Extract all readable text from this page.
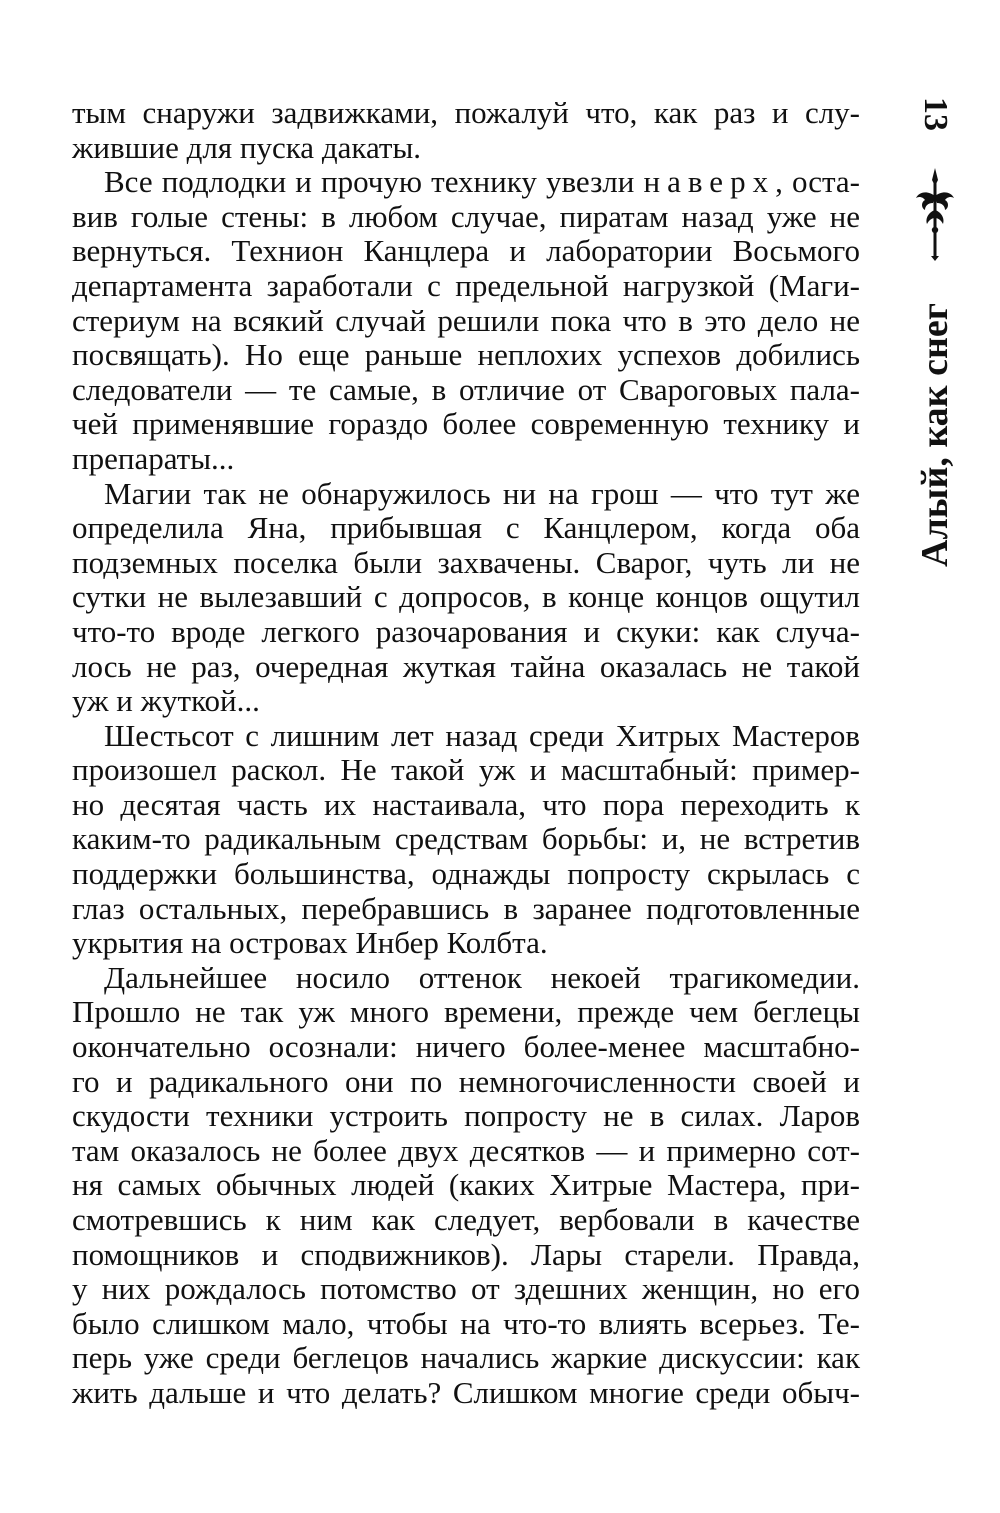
тым снаружи задвижками, пожалуй что, как раз и слу-
жившие для пуска дакаты.
Все подлодки и прочую технику увезли наверх, оста-
вив голые стены: в любом случае, пиратам назад уже не
вернуться. Технион Канцлера и лаборатории Восьмого
департамента заработали с предельной нагрузкой (Маги-
стериум на всякий случай решили пока что в это дело не
посвящать). Но еще раньше неплохих успехов добились
следователи — те самые, в отличие от Свароговых пала-
чей применявшие гораздо более современную технику и
препараты...
Магии так не обнаружилось ни на грош — что тут же
определила Яна, прибывшая с Канцлером, когда оба
подземных поселка были захвачены. Сварог, чуть ли не
сутки не вылезавший с допросов, в конце концов ощутил
что-то вроде легкого разочарования и скуки: как случа-
лось не раз, очередная жуткая тайна оказалась не такой
уж и жуткой...
Шестьсот с лишним лет назад среди Хитрых Мастеров
произошел раскол. Не такой уж и масштабный: пример-
но десятая часть их настаивала, что пора переходить к
каким-то радикальным средствам борьбы: и, не встретив
поддержки большинства, однажды попросту скрылась с
глаз остальных, перебравшись в заранее подготовленные
укрытия на островах Инбер Колбта.
Дальнейшее носило оттенок некоей трагикомедии.
Прошло не так уж много времени, прежде чем беглецы
окончательно осознали: ничего более-менее масштабно-
го и радикального они по немногочисленности своей и
скудости техники устроить попросту не в силах. Ларов
там оказалось не более двух десятков — и примерно сот-
ня самых обычных людей (каких Хитрые Мастера, при-
смотревшись к ним как следует, вербовали в качестве
помощников и сподвижников). Лары старели. Правда,
у них рождалось потомство от здешних женщин, но его
было слишком мало, чтобы на что-то влиять всерьез. Те-
перь уже среди беглецов начались жаркие дискуссии: как
жить дальше и что делать? Слишком многие среди обыч-
13
Алый, как снег
